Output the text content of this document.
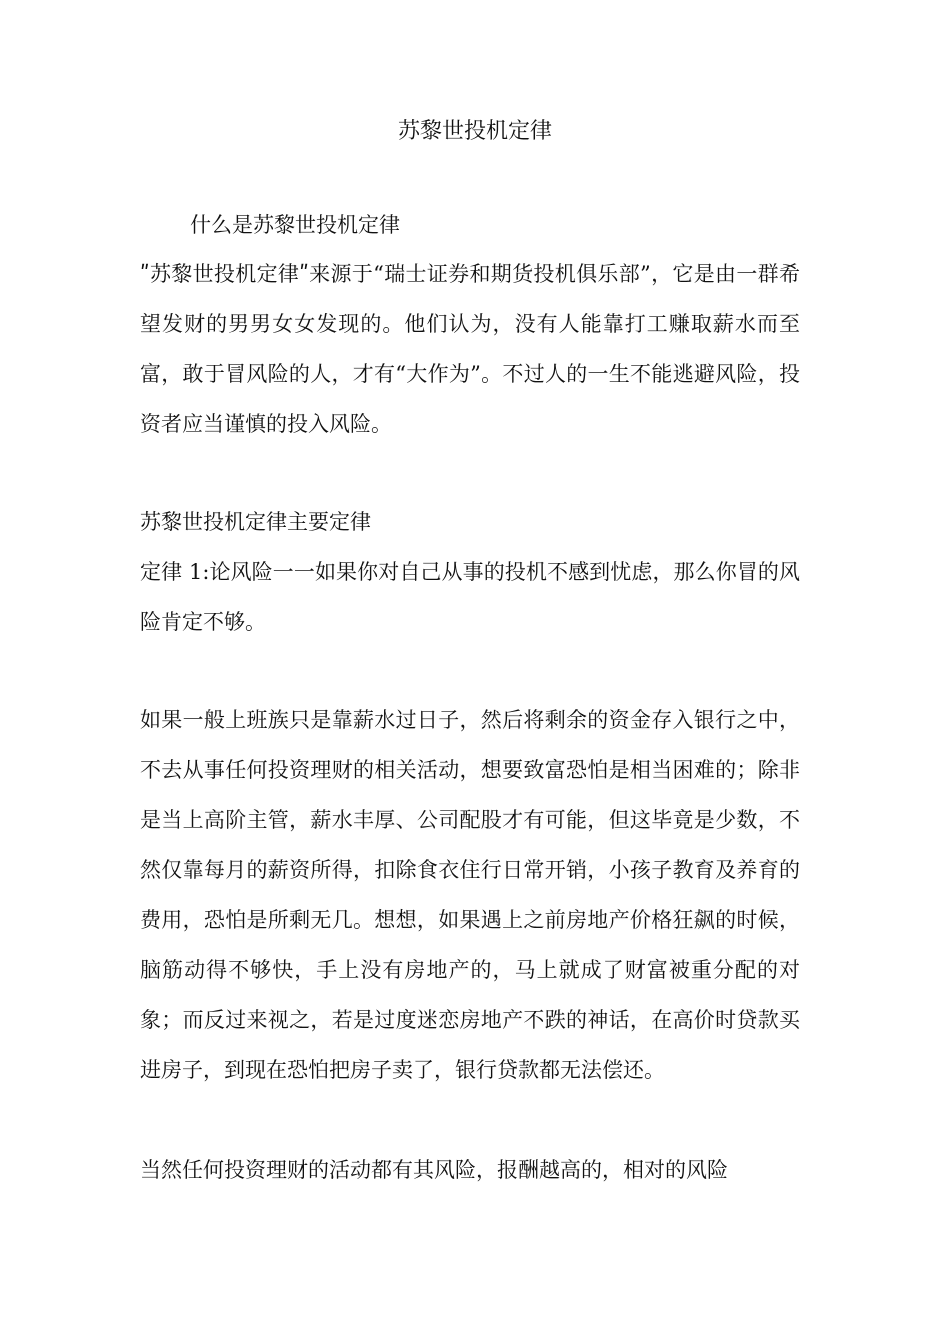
苏黎世投机定律

什么是苏黎世投机定律

ʺ苏黎世投机定律ʺ来源于“瑞士证券和期货投机俱乐部”，它是由一群希望发财的男男女女发现的。他们认为，没有人能靠打工赚取薪水而至富，敢于冒风险的人，才有“大作为”。不过人的一生不能逃避风险，投资者应当谨慎的投入风险。

苏黎世投机定律主要定律

定律 1:论风险一一如果你对自己从事的投机不感到忧虑，那么你冒的风险肯定不够。

如果一般上班族只是靠薪水过日子，然后将剩余的资金存入银行之中，不去从事任何投资理财的相关活动，想要致富恐怕是相当困难的；除非是当上高阶主管，薪水丰厚、公司配股才有可能，但这毕竟是少数，不然仅靠每月的薪资所得，扣除食衣住行日常开销，小孩子教育及养育的费用，恐怕是所剩无几。想想，如果遇上之前房地产价格狂飙的时候，脑筋动得不够快，手上没有房地产的，马上就成了财富被重分配的对象；而反过来视之，若是过度迷恋房地产不跌的神话，在高价时贷款买进房子，到现在恐怕把房子卖了，银行贷款都无法偿还。

当然任何投资理财的活动都有其风险，报酬越高的，相对的风险
